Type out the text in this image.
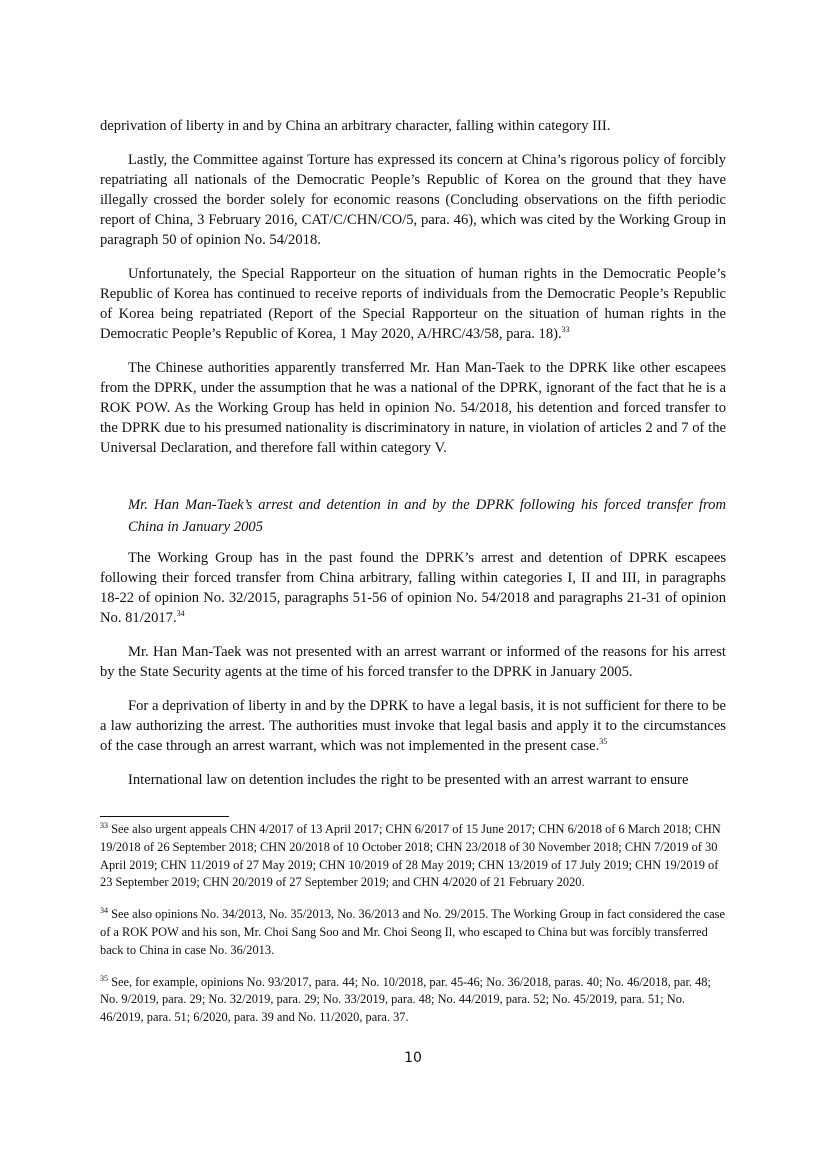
deprivation of liberty in and by China an arbitrary character, falling within category III.

Lastly, the Committee against Torture has expressed its concern at China’s rigorous policy of forcibly repatriating all nationals of the Democratic People’s Republic of Korea on the ground that they have illegally crossed the border solely for economic reasons (Concluding observations on the fifth periodic report of China, 3 February 2016, CAT/C/CHN/CO/5, para. 46), which was cited by the Working Group in paragraph 50 of opinion No. 54/2018.

Unfortunately, the Special Rapporteur on the situation of human rights in the Democratic People’s Republic of Korea has continued to receive reports of individuals from the Democratic People’s Republic of Korea being repatriated (Report of the Special Rapporteur on the situation of human rights in the Democratic People’s Republic of Korea, 1 May 2020, A/HRC/43/58, para. 18).$^{33}$

The Chinese authorities apparently transferred Mr. Han Man-Taek to the DPRK like other escapees from the DPRK, under the assumption that he was a national of the DPRK, ignorant of the fact that he is a ROK POW. As the Working Group has held in opinion No. 54/2018, his detention and forced transfer to the DPRK due to his presumed nationality is discriminatory in nature, in violation of articles 2 and 7 of the Universal Declaration, and therefore fall within category V.

Mr. Han Man-Taek’s arrest and detention in and by the DPRK following his forced transfer from China in January 2005

The Working Group has in the past found the DPRK’s arrest and detention of DPRK escapees following their forced transfer from China arbitrary, falling within categories I, II and III, in paragraphs 18-22 of opinion No. 32/2015, paragraphs 51-56 of opinion No. 54/2018 and paragraphs 21-31 of opinion No. 81/2017.34

Mr. Han Man-Taek was not presented with an arrest warrant or informed of the reasons for his arrest by the State Security agents at the time of his forced transfer to the DPRK in January 2005.

For a deprivation of liberty in and by the DPRK to have a legal basis, it is not sufficient for there to be a law authorizing the arrest. The authorities must invoke that legal basis and apply it to the circumstances of the case through an arrest warrant, which was not implemented in the present case.$^{35}$

International law on detention includes the right to be presented with an arrest warrant to ensure

$^{33}$ See also urgent appeals CHN 4/2017 of 13 April 2017; CHN 6/2017 of 15 June 2017; CHN 6/2018 of 6 March 2018; CHN 19/2018 of 26 September 2018; CHN 20/2018 of 10 October 2018; CHN 23/2018 of 30 November 2018; CHN 7/2019 of 30 April 2019; CHN 11/2019 of 27 May 2019; CHN 10/2019 of 28 May 2019; CHN 13/2019 of 17 July 2019; CHN 19/2019 of 23 September 2019; CHN 20/2019 of 27 September 2019; and CHN 4/2020 of 21 February 2020.
$^{34}$ See also opinions No. 34/2013, No. 35/2013, No. 36/2013 and No. 29/2015. The Working Group in fact considered the case of a ROK POW and his son, Mr. Choi Sang Soo and Mr. Choi Seong Il, who escaped to China but was forcibly transferred back to China in case No. 36/2013.
$^{35}$ See, for example, opinions No. 93/2017, para. 44; No. 10/2018, par. 45-46; No. 36/2018, paras. 40; No. 46/2018, par. 48; No. 9/2019, para. 29; No. 32/2019, para. 29; No. 33/2019, para. 48; No. 44/2019, para. 52; No. 45/2019, para. 51; No. 46/2019, para. 51; 6/2020, para. 39 and No. 11/2020, para. 37.
10
